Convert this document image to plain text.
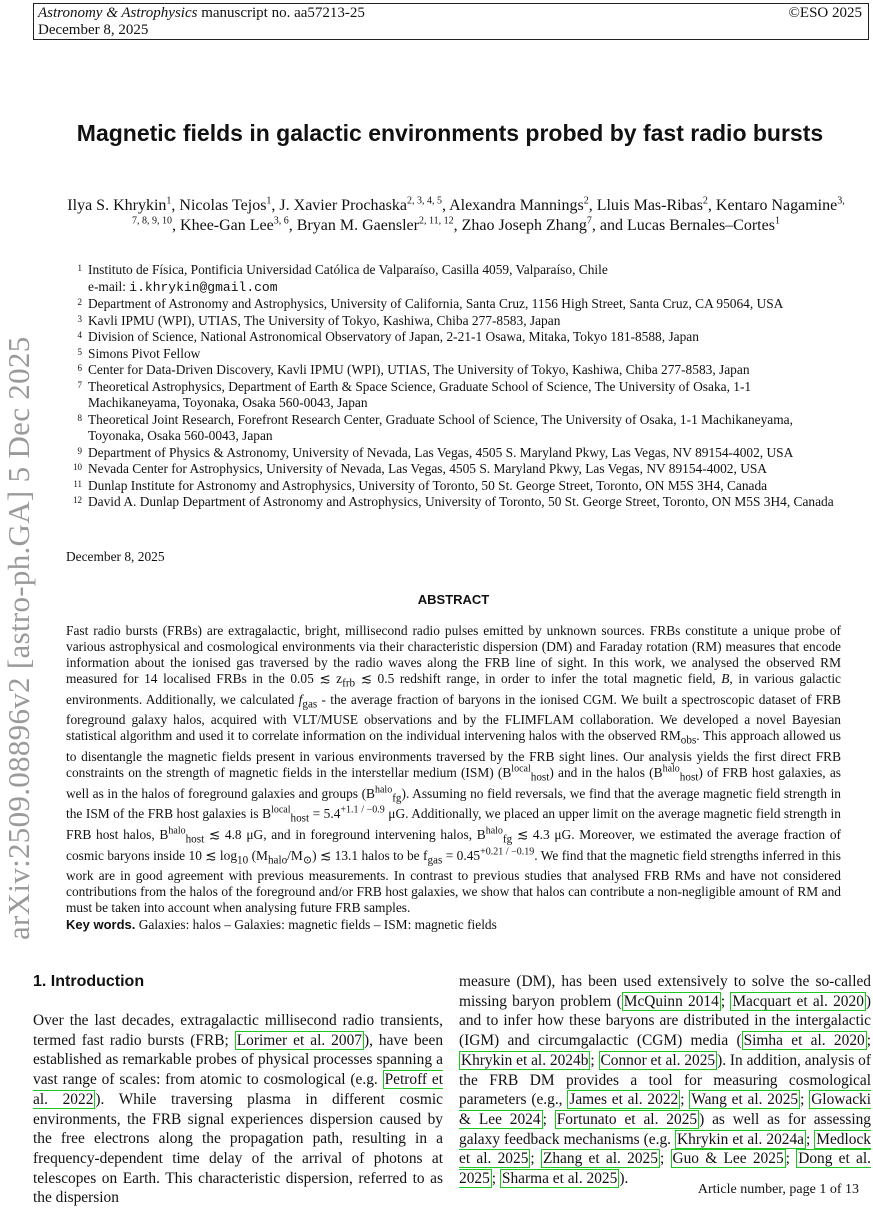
Astronomy & Astrophysics manuscript no. aa57213-25	©ESO 2025
December 8, 2025
arXiv:2509.08896v2 [astro-ph.GA] 5 Dec 2025
Magnetic fields in galactic environments probed by fast radio bursts
Ilya S. Khrykin$^1$, Nicolas Tejos$^1$, J. Xavier Prochaska$^{2, 3, 4, 5}$, Alexandra Mannings$^2$, Lluis Mas-Ribas$^2$, Kentaro Nagamine$^{3, 7, 8, 9, 10}$, Khee-Gan Lee$^{3, 6}$, Bryan M. Gaensler$^{2, 11, 12}$, Zhao Joseph Zhang$^7$, and Lucas Bernales–Cortes$^1$
1 Instituto de Física, Pontificia Universidad Católica de Valparaíso, Casilla 4059, Valparaíso, Chile
e-mail: i.khrykin@gmail.com
2 Department of Astronomy and Astrophysics, University of California, Santa Cruz, 1156 High Street, Santa Cruz, CA 95064, USA
3 Kavli IPMU (WPI), UTIAS, The University of Tokyo, Kashiwa, Chiba 277-8583, Japan
4 Division of Science, National Astronomical Observatory of Japan, 2-21-1 Osawa, Mitaka, Tokyo 181-8588, Japan
5 Simons Pivot Fellow
6 Center for Data-Driven Discovery, Kavli IPMU (WPI), UTIAS, The University of Tokyo, Kashiwa, Chiba 277-8583, Japan
7 Theoretical Astrophysics, Department of Earth & Space Science, Graduate School of Science, The University of Osaka, 1-1 Machikaneyama, Toyonaka, Osaka 560-0043, Japan
8 Theoretical Joint Research, Forefront Research Center, Graduate School of Science, The University of Osaka, 1-1 Machikaneyama, Toyonaka, Osaka 560-0043, Japan
9 Department of Physics & Astronomy, University of Nevada, Las Vegas, 4505 S. Maryland Pkwy, Las Vegas, NV 89154-4002, USA
10 Nevada Center for Astrophysics, University of Nevada, Las Vegas, 4505 S. Maryland Pkwy, Las Vegas, NV 89154-4002, USA
11 Dunlap Institute for Astronomy and Astrophysics, University of Toronto, 50 St. George Street, Toronto, ON M5S 3H4, Canada
12 David A. Dunlap Department of Astronomy and Astrophysics, University of Toronto, 50 St. George Street, Toronto, ON M5S 3H4, Canada
December 8, 2025
ABSTRACT
Fast radio bursts (FRBs) are extragalactic, bright, millisecond radio pulses emitted by unknown sources. FRBs constitute a unique probe of various astrophysical and cosmological environments via their characteristic dispersion (DM) and Faraday rotation (RM) measures that encode information about the ionised gas traversed by the radio waves along the FRB line of sight. In this work, we analysed the observed RM measured for 14 localised FRBs in the 0.05 ≲ $z_{frb}$ ≲ 0.5 redshift range, in order to infer the total magnetic field, B, in various galactic environments. Additionally, we calculated $f_{gas}$ - the average fraction of baryons in the ionised CGM. We built a spectroscopic dataset of FRB foreground galaxy halos, acquired with VLT/MUSE observations and by the FLIMFLAM collaboration. We developed a novel Bayesian statistical algorithm and used it to correlate information on the individual intervening halos with the observed $RM_{obs}$. This approach allowed us to disentangle the magnetic fields present in various environments traversed by the FRB sight lines. Our analysis yields the first direct FRB constraints on the strength of magnetic fields in the interstellar medium (ISM) $(B^{local}_{host})$ and in the halos $(B^{halo}_{host})$ of FRB host galaxies, as well as in the halos of foreground galaxies and groups $(B^{halo}_{fg})$. Assuming no field reversals, we find that the average magnetic field strength in the ISM of the FRB host galaxies is $B^{local}_{host} = 5.4^{+1.1 / -0.9}$ μG. Additionally, we placed an upper limit on the average magnetic field strength in FRB host halos, $B^{halo}_{host}$ ≲ 4.8 μG, and in foreground intervening halos, $B^{halo}_{fg}$ ≲ 4.3 μG. Moreover, we estimated the average fraction of cosmic baryons inside 10 ≲ $\log_{10} (M_{halo}/M_⊙)$ ≲ 13.1 halos to be $f_{gas} = 0.45^{+0.21 / -0.19}$. We find that the magnetic field strengths inferred in this work are in good agreement with previous measurements. In contrast to previous studies that analysed FRB RMs and have not considered contributions from the halos of the foreground and/or FRB host galaxies, we show that halos can contribute a non-negligible amount of RM and must be taken into account when analysing future FRB samples.
Key words. Galaxies: halos – Galaxies: magnetic fields – ISM: magnetic fields
1. Introduction
Over the last decades, extragalactic millisecond radio transients, termed fast radio bursts (FRB; Lorimer et al. 2007 ), have been established as remarkable probes of physical processes spanning a vast range of scales: from atomic to cosmological (e.g. Petroff et al. 2022 ). While traversing plasma in different cosmic environments, the FRB signal experiences dispersion caused by the free electrons along the propagation path, resulting in a frequency-dependent time delay of the arrival of photons at telescopes on Earth. This characteristic dispersion, referred to as the dispersion
measure (DM), has been used extensively to solve the so-called missing baryon problem ( McQuinn 2014 ; Macquart et al. 2020 ) and to infer how these baryons are distributed in the intergalactic (IGM) and circumgalactic (CGM) media ( Simha et al. 2020 ; Khrykin et al. 2024b ; Connor et al. 2025 ). In addition, analysis of the FRB DM provides a tool for measuring cosmological parameters (e.g., James et al. 2022 ; Wang et al. 2025 ; Glowacki & Lee 2024 ; Fortunato et al. 2025 ) as well as for assessing galaxy feedback mechanisms (e.g. Khrykin et al. 2024a ; Medlock et al. 2025 ; Zhang et al. 2025 ; Guo & Lee 2025 ; Dong et al. 2025 ; Sharma et al. 2025 ).
Article number, page 1 of 13
